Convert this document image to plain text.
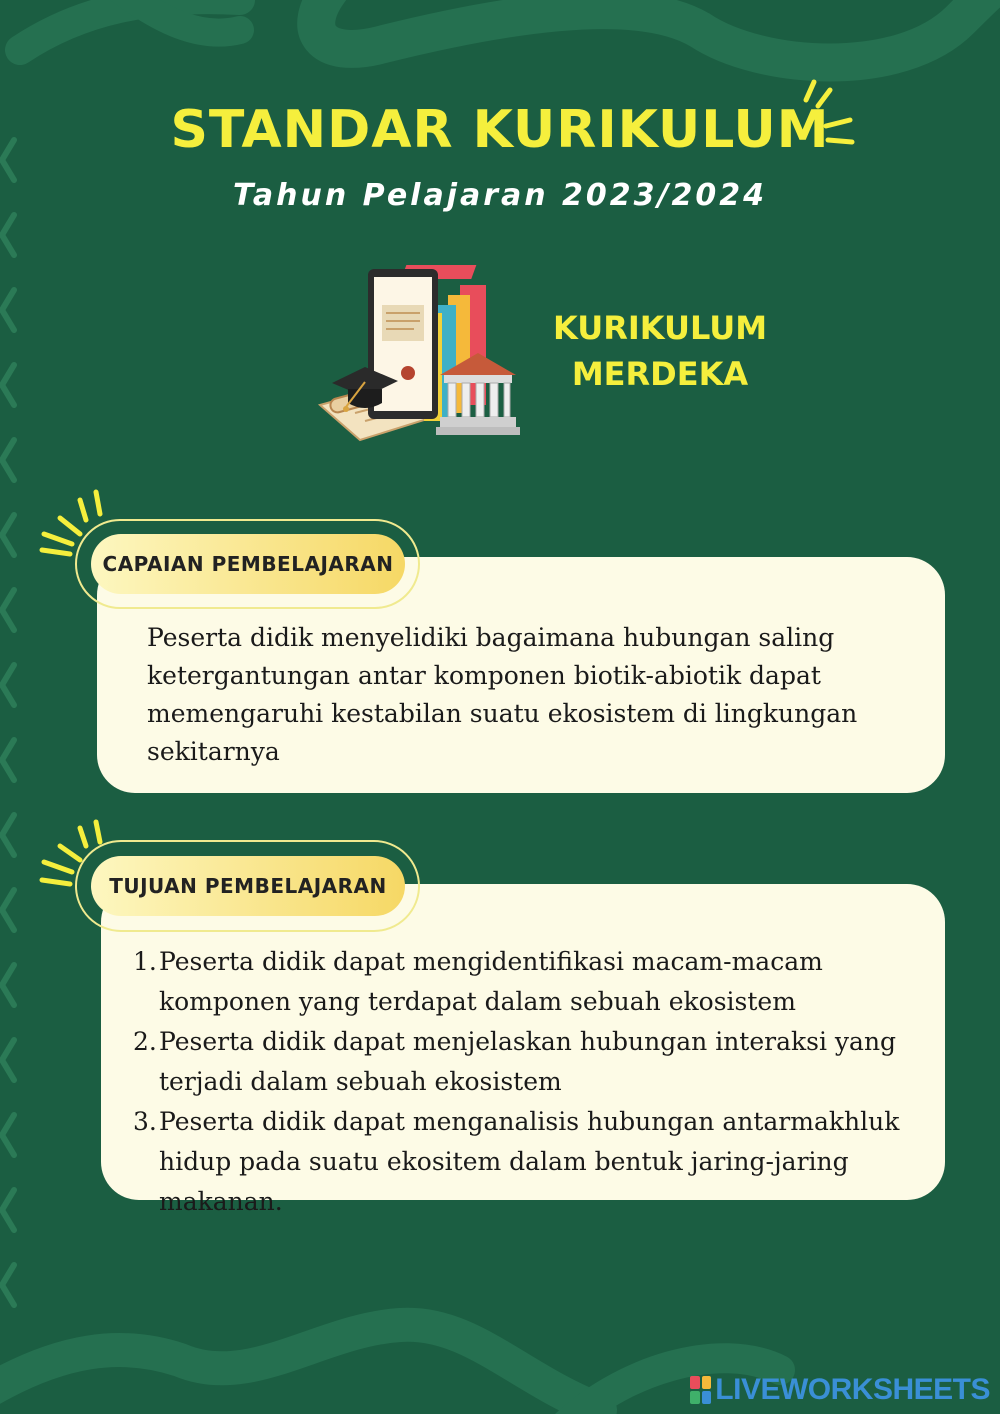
STANDAR KURIKULUM
Tahun Pelajaran 2023/2024
KURIKULUM
MERDEKA
Peserta didik menyelidiki bagaimana hubungan saling ketergantungan antar komponen biotik-abiotik dapat memengaruhi kestabilan suatu ekosistem di lingkungan sekitarnya
CAPAIAN PEMBELAJARAN
1. Peserta didik dapat mengidentifikasi macam-macam komponen yang terdapat dalam sebuah ekosistem
2. Peserta didik dapat menjelaskan hubungan interaksi yang terjadi dalam sebuah ekosistem
3. Peserta didik dapat menganalisis hubungan antarmakhluk hidup pada suatu ekositem dalam bentuk jaring-jaring makanan.
TUJUAN PEMBELAJARAN
LIVEWORKSHEETS
